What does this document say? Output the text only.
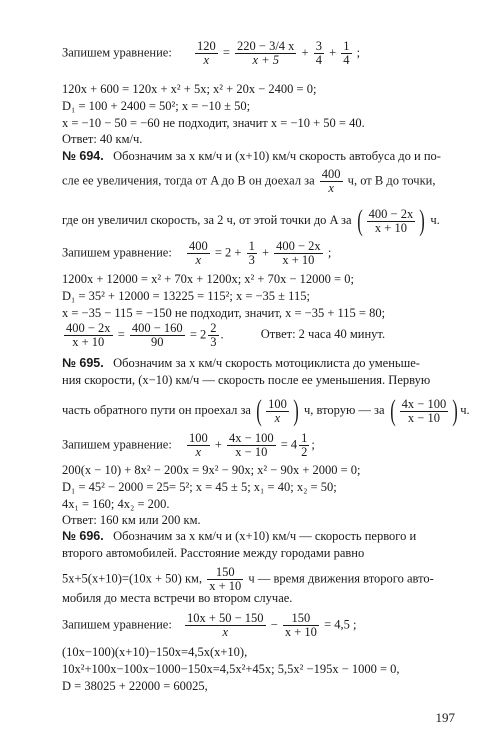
Запишем уравнение: $\frac{120}{x} = \frac{220 - 3/4 x}{x + 5} + \frac{3}{4} + \frac{1}{4}$ ;
120x + 600 = 120x + x² + 5x; x² + 20x − 2400 = 0;
D₁ = 100 + 2400 = 50²; x = −10 ± 50;
x = −10 − 50 = −60 не подходит, значит x = −10 + 50 = 40.
Ответ: 40 км/ч.
№ 694. Обозначим за x км/ч и (x+10) км/ч скорость автобуса до и по-
сле ее увеличения, тогда от A до B он доехал за $\frac{400}{x} ч$, от B до точки,
где он увеличил скорость, за 2 ч, от этой точки до A за ( $\frac{400 - 2x}{x + 10}$ ) ч.
Запишем уравнение: $\frac{400}{x} = 2 + \frac{1}{3} + \frac{400 - 2x}{x + 10}$ ;
1200x + 12000 = x² + 70x + 1200x; x² + 70x − 12000 = 0;
D₁ = 35² + 12000 = 13225 = 115²; x = −35 ± 115;
x = −35 − 115 = −150 не подходит, значит, x = −35 + 115 = 80;
$\frac{400 - 2x}{x + 10} = \frac{400 - 160}{90} = 2 \frac{2}{3}$ .	Ответ: 2 часа 40 минут.
№ 695. Обозначим за x км/ч скорость мотоциклиста до уменьше-
ния скорости, (x−10) км/ч — скорость после ее уменьшения. Первую
часть обратного пути он проехал за ( $\frac{100}{x}$ ) ч, вторую — за ( $\frac{4x - 100}{x - 10}$ ) ч.
Запишем уравнение: $\frac{100}{x} + \frac{4x - 100}{x - 10} = 4 \frac{1}{2}$ ;
200(x − 10) + 8x² − 200x = 9x² − 90x; x² − 90x + 2000 = 0;
D₁ = 45² − 2000 = 25= 5²; x = 45 ± 5; x₁ = 40; x₂ = 50;
4x₁ = 160; 4x₂ = 200.
Ответ: 160 км или 200 км.
№ 696. Обозначим за x км/ч и (x+10) км/ч — скорость первого и
второго автомобилей. Расстояние между городами равно
5x+5(x+10)=(10x + 50) км, $\frac{150}{x + 10}$ ч — время движения второго авто-
мобиля до места встречи во втором случае.
Запишем уравнение: $\frac{10x + 50 - 150}{x} - \frac{150}{x + 10} = 4,5$ ;
(10x−100)(x+10)−150x=4,5x(x+10),
10x²+100x−100x−1000−150x=4,5x²+45x; 5,5x² −195x − 1000 = 0,
D = 38025 + 22000 = 60025,
197
